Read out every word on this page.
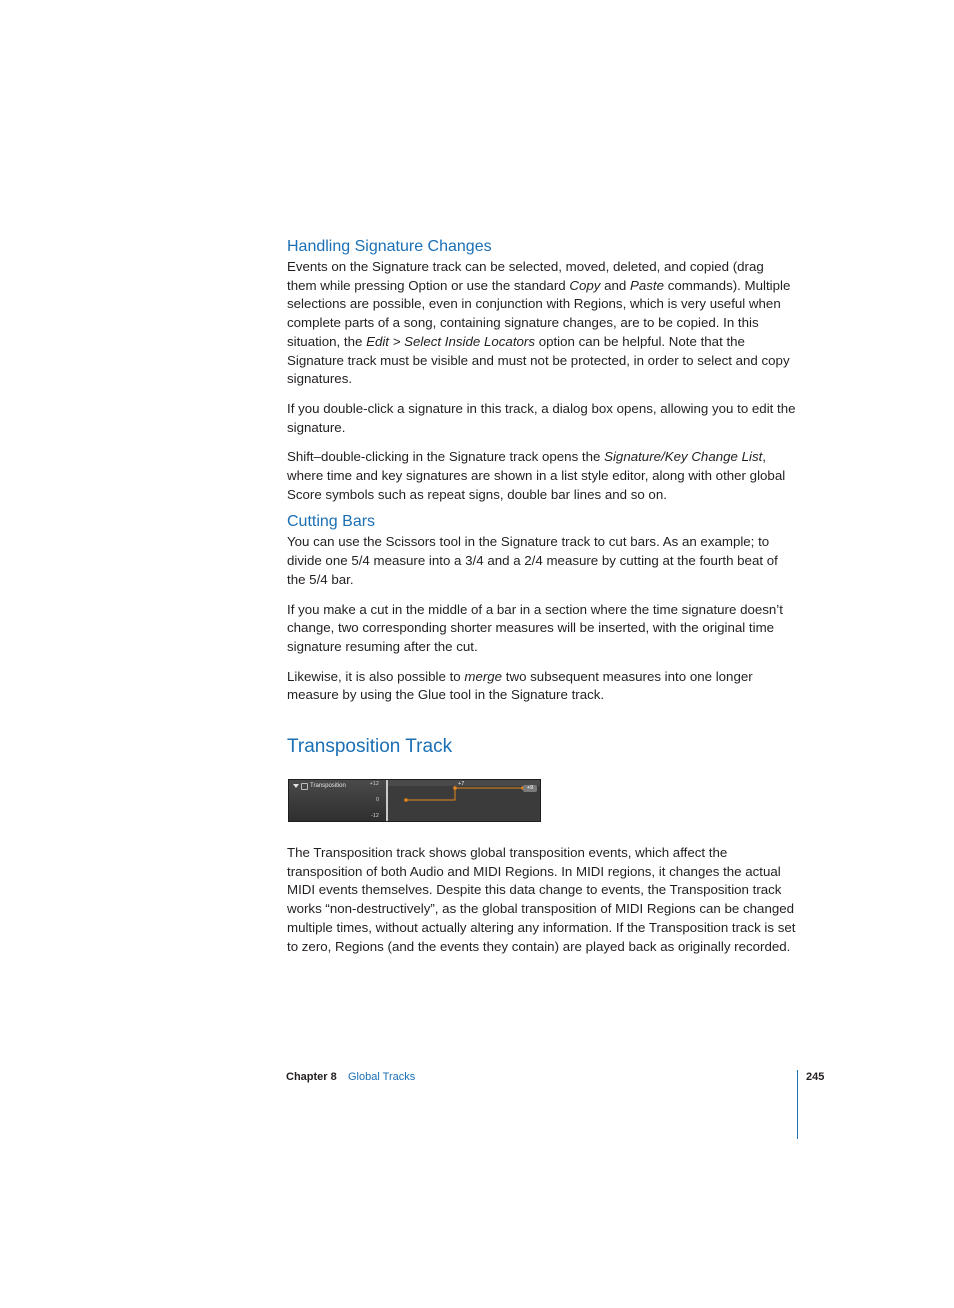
Handling Signature Changes

Events on the Signature track can be selected, moved, deleted, and copied (drag them while pressing Option or use the standard Copy and Paste commands). Multiple selections are possible, even in conjunction with Regions, which is very useful when complete parts of a song, containing signature changes, are to be copied. In this situation, the Edit > Select Inside Locators option can be helpful. Note that the Signature track must be visible and must not be protected, in order to select and copy signatures.

If you double-click a signature in this track, a dialog box opens, allowing you to edit the signature.

Shift–double-clicking in the Signature track opens the Signature/Key Change List, where time and key signatures are shown in a list style editor, along with other global Score symbols such as repeat signs, double bar lines and so on.

Cutting Bars

You can use the Scissors tool in the Signature track to cut bars. As an example; to divide one 5/4 measure into a 3/4 and a 2/4 measure by cutting at the fourth beat of the 5/4 bar.

If you make a cut in the middle of a bar in a section where the time signature doesn’t change, two corresponding shorter measures will be inserted, with the original time signature resuming after the cut.

Likewise, it is also possible to merge two subsequent measures into one longer measure by using the Glue tool in the Signature track.

Transposition Track
Transposition	+12
0
-12
+7
+9

The Transposition track shows global transposition events, which affect the transposition of both Audio and MIDI Regions. In MIDI regions, it changes the actual MIDI events themselves. Despite this data change to events, the Transposition track works “non-destructively”, as the global transposition of MIDI Regions can be changed multiple times, without actually altering any information. If the Transposition track is set to zero, Regions (and the events they contain) are played back as originally recorded.

Chapter 8 Global Tracks	245
